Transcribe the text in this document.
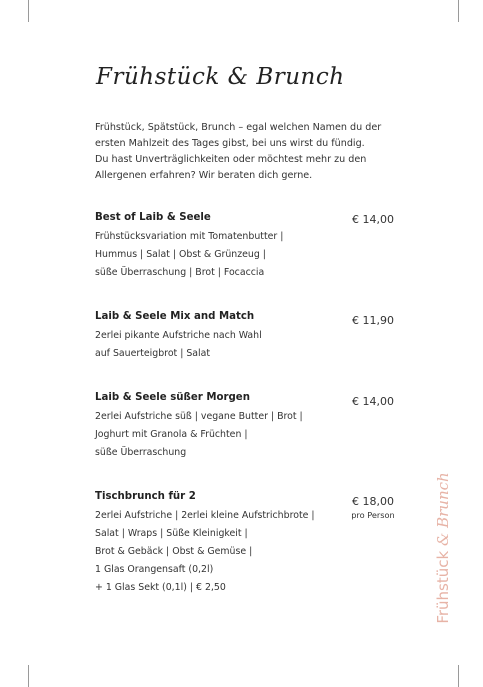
Frühstück & Brunch
Frühstück, Spätstück, Brunch – egal welchen Namen du der
ersten Mahlzeit des Tages gibst, bei uns wirst du fündig.
Du hast Unverträglichkeiten oder möchtest mehr zu den
Allergenen erfahren? Wir beraten dich gerne.
Best of Laib & Seele
Frühstücksvariation mit Tomatenbutter |
Hummus | Salat | Obst & Grünzeug |
süße Überraschung | Brot | Focaccia
€ 14,00
Laib & Seele Mix and Match
2erlei pikante Aufstriche nach Wahl
auf Sauerteigbrot | Salat
€ 11,90
Laib & Seele süßer Morgen
2erlei Aufstriche süß | vegane Butter | Brot |
Joghurt mit Granola & Früchten |
süße Überraschung
€ 14,00
Tischbrunch für 2
2erlei Aufstriche | 2erlei kleine Aufstrichbrote |
Salat | Wraps | Süße Kleinigkeit |
Brot & Gebäck | Obst & Gemüse |
1 Glas Orangensaft (0,2l)
+ 1 Glas Sekt (0,1l) | € 2,50
€ 18,00
pro Person
Frühstück & Brunch
